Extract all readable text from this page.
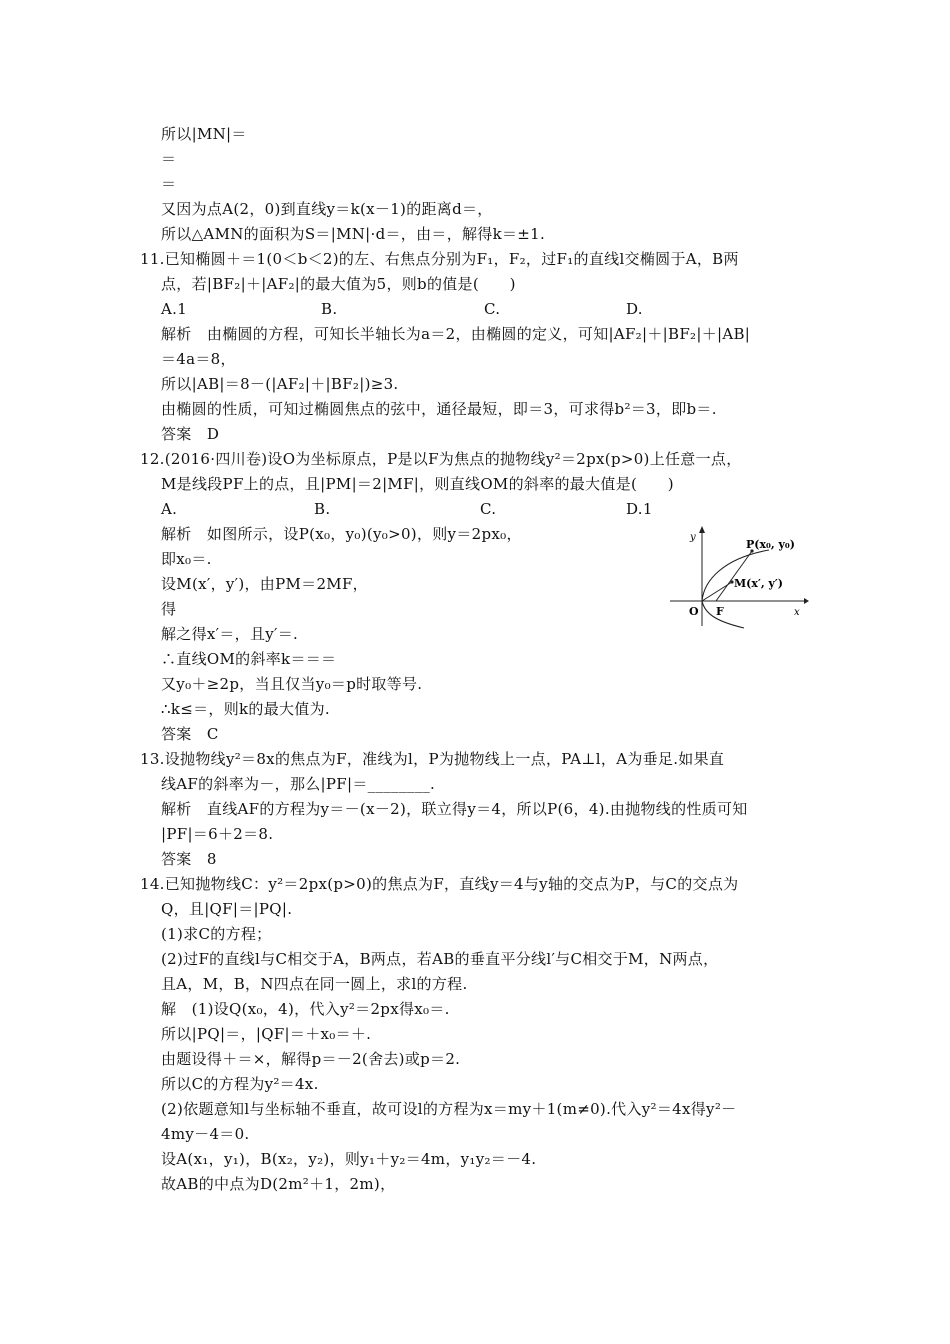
所以|MN|＝
＝
＝
又因为点A(2，0)到直线y＝k(x－1)的距离d＝，
所以△AMN的面积为S＝|MN|·d＝，由＝，解得k＝±1.
11.已知椭圆＋＝1(0＜b＜2)的左、右焦点分别为F₁，F₂，过F₁的直线l交椭圆于A，B两
点，若|BF₂|＋|AF₂|的最大值为5，则b的值是(　　)
A.1	B.	C.	D.
解析　由椭圆的方程，可知长半轴长为a＝2，由椭圆的定义，可知|AF₂|＋|BF₂|＋|AB|
＝4a＝8，
所以|AB|＝8－(|AF₂|＋|BF₂|)≥3.
由椭圆的性质，可知过椭圆焦点的弦中，通径最短，即＝3，可求得b²＝3，即b＝.
答案　D
12.(2016·四川卷)设O为坐标原点，P是以F为焦点的抛物线y²＝2px(p>0)上任意一点，
M是线段PF上的点，且|PM|＝2|MF|，则直线OM的斜率的最大值是(　　)
A.	B.	C.	D.1
解析　如图所示，设P(x₀，y₀)(y₀>0)，则y＝2px₀，
即x₀＝.
设M(x′，y′)，由PM＝2MF，
得
解之得x′＝，且y′＝.
∴直线OM的斜率k＝＝＝
又y₀＋≥2p，当且仅当y₀＝p时取等号.
∴k≤＝，则k的最大值为.
答案　C
13.设抛物线y²＝8x的焦点为F，准线为l，P为抛物线上一点，PA⊥l，A为垂足.如果直
线AF的斜率为－，那么|PF|＝________.
解析　直线AF的方程为y＝－(x－2)，联立得y＝4，所以P(6，4).由抛物线的性质可知
|PF|＝6＋2＝8.
答案　8
14.已知抛物线C：y²＝2px(p>0)的焦点为F，直线y＝4与y轴的交点为P，与C的交点为
Q，且|QF|＝|PQ|.
(1)求C的方程；
(2)过F的直线l与C相交于A，B两点，若AB的垂直平分线l′与C相交于M，N两点，
且A，M，B，N四点在同一圆上，求l的方程.
解　(1)设Q(x₀，4)，代入y²＝2px得x₀＝.
所以|PQ|＝，|QF|＝＋x₀＝＋.
由题设得＋＝×，解得p＝－2(舍去)或p＝2.
所以C的方程为y²＝4x.
(2)依题意知l与坐标轴不垂直，故可设l的方程为x＝my＋1(m≠0).代入y²＝4x得y²－
4my－4＝0.
设A(x₁，y₁)，B(x₂，y₂)，则y₁＋y₂＝4m，y₁y₂＝－4.
故AB的中点为D(2m²＋1，2m)，
y
x
O F
P(x₀, y₀)
M(x′, y′)
